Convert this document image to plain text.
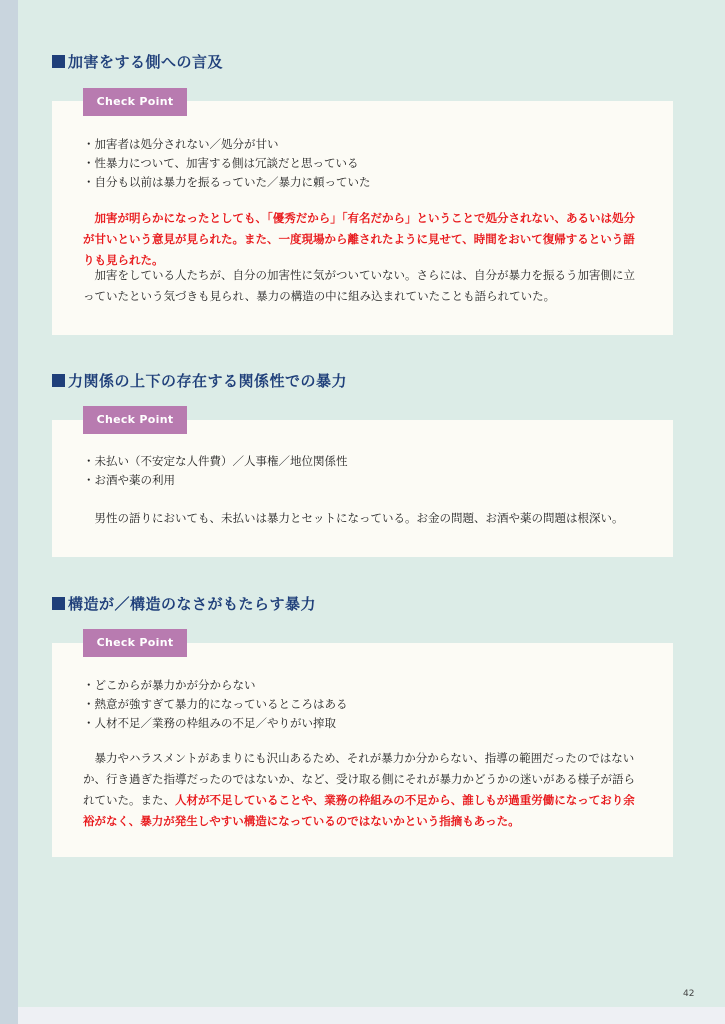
加害をする側への言及
Check Point
・加害者は処分されない／処分が甘い
・性暴力について、加害する側は冗談だと思っている
・自分も以前は暴力を振るっていた／暴力に頼っていた
　加害が明らかになったとしても、「優秀だから」「有名だから」ということで処分されない、あるいは処分が甘いという意見が見られた。また、一度現場から離されたように見せて、時間をおいて復帰するという語りも見られた。
　加害をしている人たちが、自分の加害性に気がついていない。さらには、自分が暴力を振るう加害側に立っていたという気づきも見られ、暴力の構造の中に組み込まれていたことも語られていた。
力関係の上下の存在する関係性での暴力
Check Point
・未払い（不安定な人件費）／人事権／地位関係性
・お酒や薬の利用
　男性の語りにおいても、未払いは暴力とセットになっている。お金の問題、お酒や薬の問題は根深い。
構造が／構造のなさがもたらす暴力
Check Point
・どこからが暴力かが分からない
・熱意が強すぎて暴力的になっているところはある
・人材不足／業務の枠組みの不足／やりがい搾取
　暴力やハラスメントがあまりにも沢山あるため、それが暴力か分からない、指導の範囲だったのではないか、行き過ぎた指導だったのではないか、など、受け取る側にそれが暴力かどうかの迷いがある様子が語られていた。また、人材が不足していることや、業務の枠組みの不足から、誰しもが過重労働になっており余裕がなく、暴力が発生しやすい構造になっているのではないかという指摘もあった。
42
